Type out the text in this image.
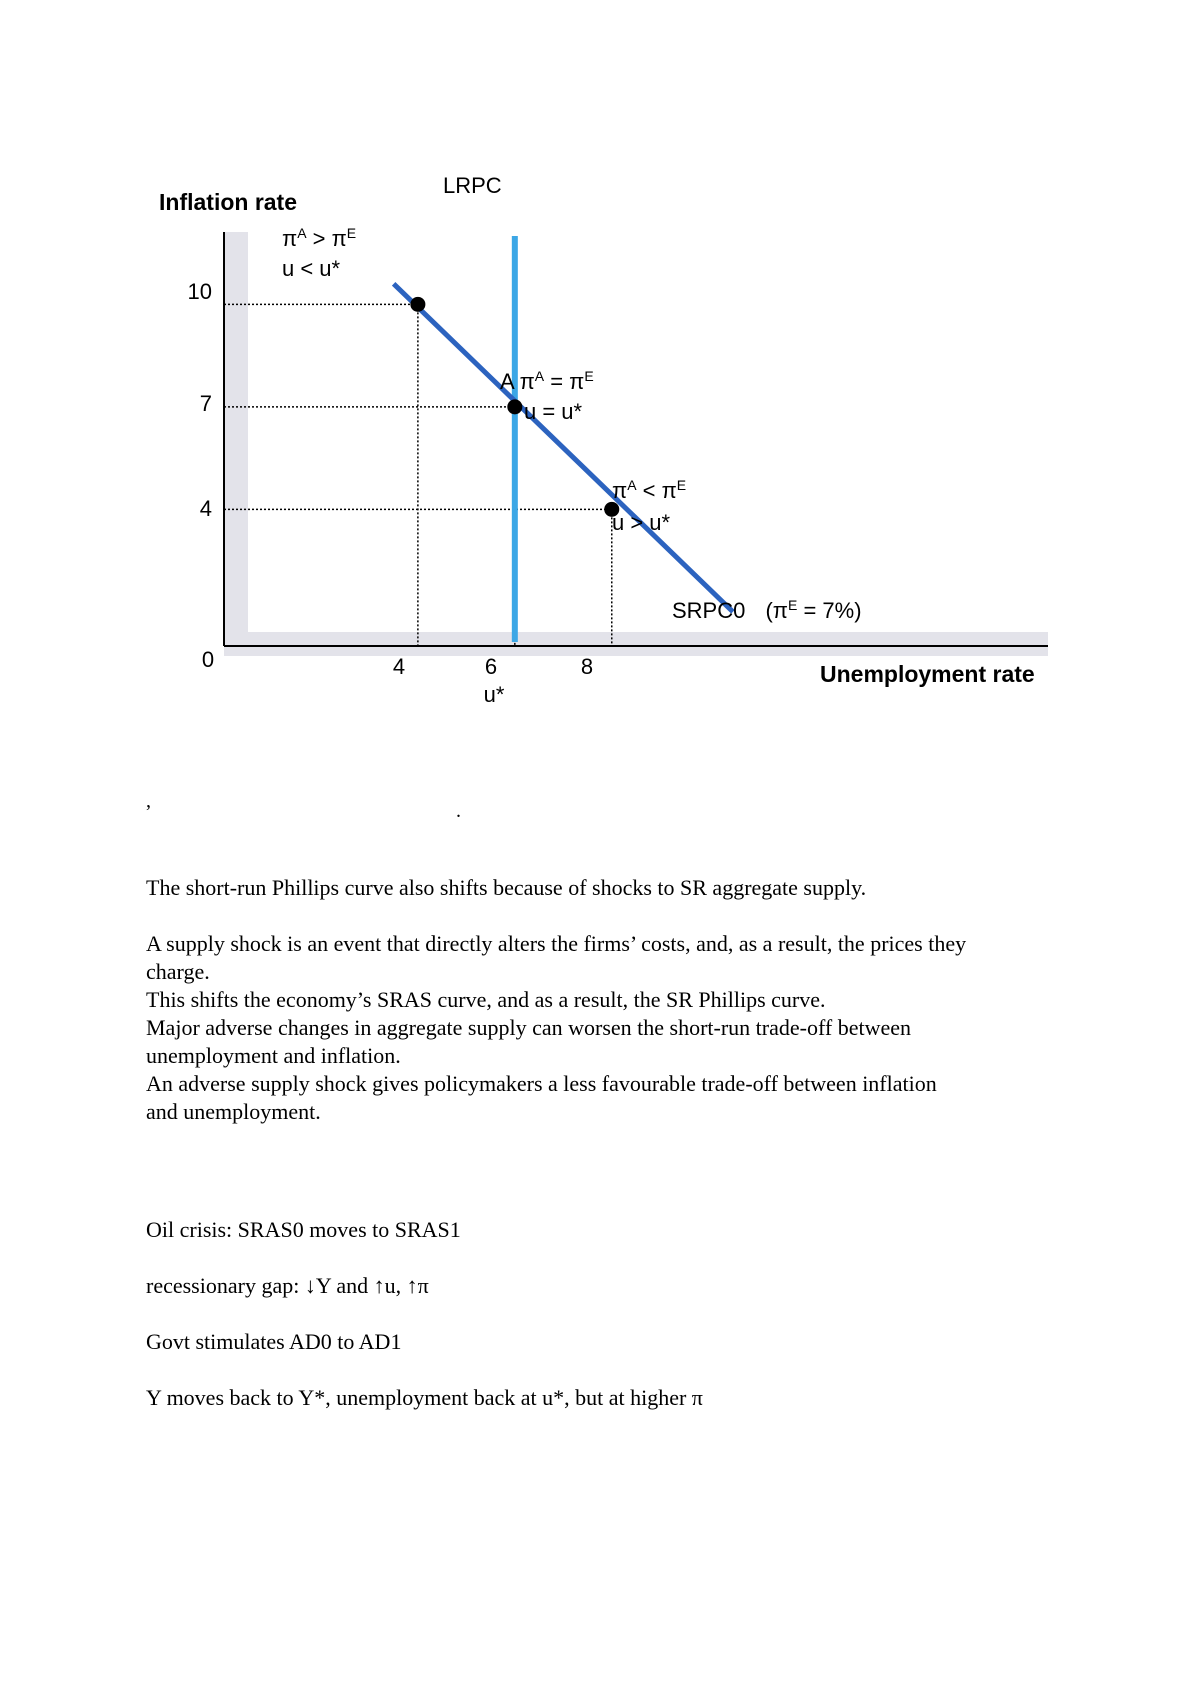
Inflation rate
Unemployment rate
10
7
4
0	4	6	8
u*
LRPC
SRPC0 $(\pi^E = 7\%)$
$\pi^A > \pi^E$
u < u*
A $\pi^A = \pi^E$
u = u*
$\pi^A < \pi^E$
u > u*
,	.

The short-run Phillips curve also shifts because of shocks to SR aggregate supply.

A supply shock is an event that directly alters the firms’ costs, and, as a result, the prices they

charge.

This shifts the economy’s SRAS curve, and as a result, the SR Phillips curve.

Major adverse changes in aggregate supply can worsen the short-run trade-off between

unemployment and inflation.

An adverse supply shock gives policymakers a less favourable trade-off between inflation

and unemployment.

Oil crisis: SRAS0 moves to SRAS1

recessionary gap: ↓Y and ↑u, ↑π

Govt stimulates AD0 to AD1

Y moves back to Y*, unemployment back at u*, but at higher π
